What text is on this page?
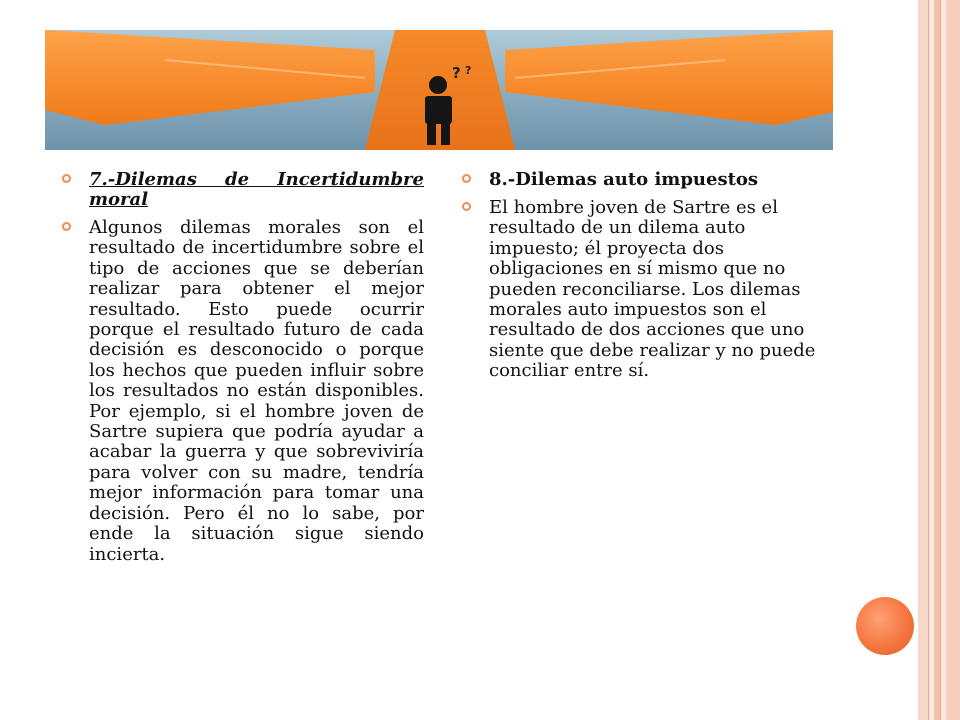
? ?
7.-Dilemas de Incertidumbre moral
Algunos dilemas morales son el resultado de incertidumbre sobre el tipo de acciones que se deberían realizar para obtener el mejor resultado. Esto puede ocurrir porque el resultado futuro de cada decisión es desconocido o porque los hechos que pueden influir sobre los resultados no están disponibles. Por ejemplo, si el hombre joven de Sartre supiera que podría ayudar a acabar la guerra y que sobreviviría para volver con su madre, tendría mejor información para tomar una decisión. Pero él no lo sabe, por ende la situación sigue siendo incierta.
8.-Dilemas auto impuestos
El hombre joven de Sartre es el resultado de un dilema auto impuesto; él proyecta dos obligaciones en sí mismo que no pueden reconciliarse. Los dilemas morales auto impuestos son el resultado de dos acciones que uno siente que debe realizar y no puede conciliar entre sí.
